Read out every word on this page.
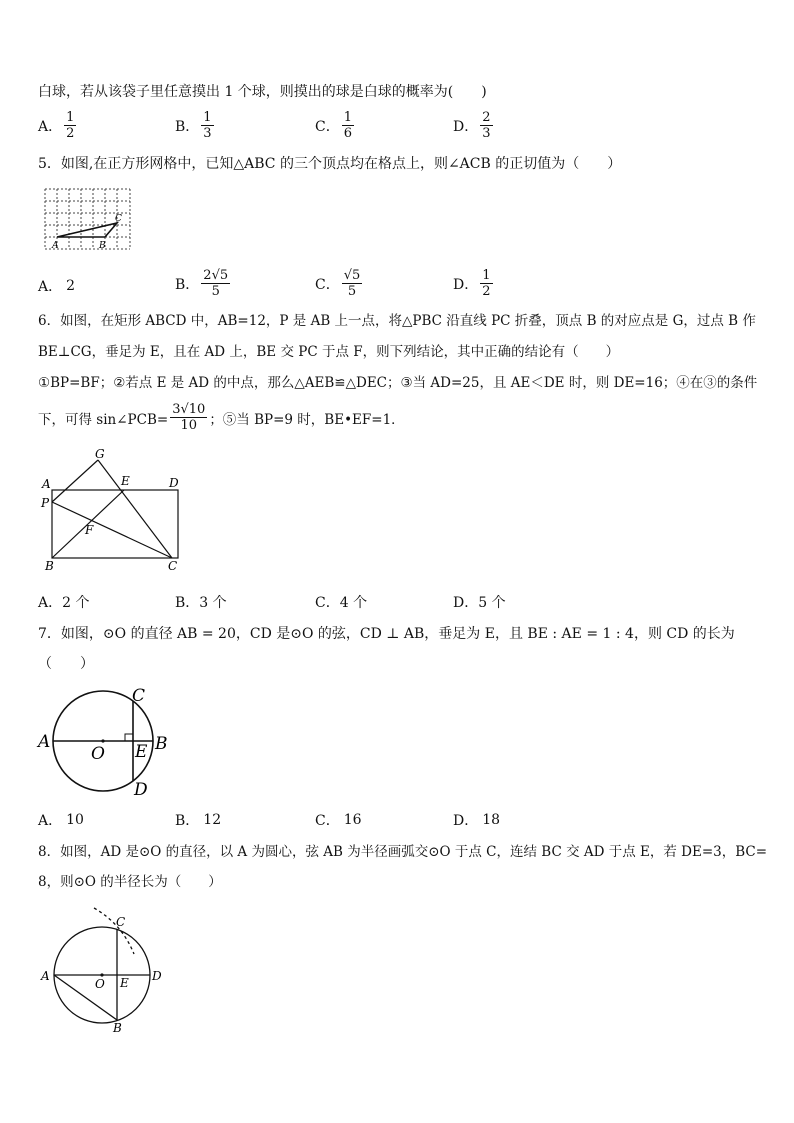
白球，若从该袋子里任意摸出 1 个球，则摸出的球是白球的概率为(　　)
A． $\frac{1}{2}$	B． $\frac{1}{3}$	C． $\frac{1}{6}$	D． $\frac{2}{3}$
5．如图,在正方形网格中，已知△ABC 的三个顶点均在格点上，则∠ACB 的正切值为（　　）
A	B
C
A． 2	B． $\frac{2√5}{5}$	C． $\frac{√5}{5}$	D． $\frac{1}{2}$
6．如图，在矩形 ABCD 中，AB=12，P 是 AB 上一点，将△PBC 沿直线 PC 折叠，顶点 B 的对应点是 G，过点 B 作
BE⊥CG，垂足为 E，且在 AD 上，BE 交 PC 于点 F，则下列结论，其中正确的结论有（　　）
①BP=BF；②若点 E 是 AD 的中点，那么△AEB≌△DEC；③当 AD=25，且 AE＜DE 时，则 DE=16；④在③的条件
下，可得 sin∠PCB= $\frac{3√10}{10}$ ；⑤当 BP=9 时，BE•EF=1．
G
E	D
A
P
F
B	C
A． 2 个	B． 3 个	C． 4 个	D． 5 个
7．如图，⊙O 的直径 AB = 20，CD 是⊙O 的弦，CD ⊥ AB，垂足为 E，且 BE : AE = 1 : 4，则 CD 的长为
（　　）
A	B
C
D
E
O
A． 10	B． 12	C． 16	D． 18
8．如图，AD 是⊙O 的直径，以 A 为圆心，弦 AB 为半径画弧交⊙O 于点 C，连结 BC 交 AD 于点 E，若 DE=3，BC=
8，则⊙O 的半径长为（　　）
C
A	D
O E
B
